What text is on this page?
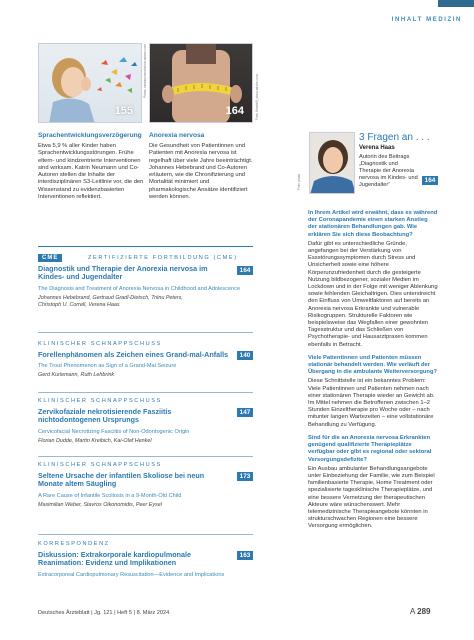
INHALT MEDIZIN
155
Photo: simkaschoen/stock.adobe.com
164	Foto: Mordolff_stock.adobe.com
Sprachentwicklungsverzögerung
Etwa 5,9 % aller Kinder haben Sprachentwicklungsstörungen. Frühe eltern- und kindzentrierte Interventionen sind wirksam. Katrin Neumann und Co-Autoren stellen die Inhalte der interdisziplinären S3-Leitlinie vor, die den Wissenstand zu evidenzbasierten Interventionen reflektiert.
Anorexia nervosa
Die Gesundheit von Patientinnen und Patienten mit Anorexia nervosa ist regelhaft über viele Jahre beeinträchtigt. Johannes Hebebrand und Co-Autoren erläutern, wie die Chronifizierung und Mortalität minimiert und pharmakologische Ansätze identifiziert werden können.
CME	ZERTIFIZIERTE FORTBILDUNG (CME)
Diagnostik und Therapie der Anorexia nervosa im Kindes- und Jugendalter
164
The Diagnosis and Treatment of Anorexia Nervosa in Childhood and Adolescence
Johannes Hebebrand, Gertraud Gradl-Dietsch, Triinu Peters, Christoph U. Correll, Verena Haas
KLINISCHER SCHNAPPSCHUSS
Forellenphänomen als Zeichen eines Grand-mal-Anfalls	140
The Trout Phenomenon as Sign of a Grand-Mal Seizure
Gerd Kurlemann, Ruth Lehbrink
KLINISCHER SCHNAPPSCHUSS
Zervikofaziale nekrotisierende Fasziitis nichtodontogenen Ursprungs
147
Cervicofacial Necrotizing Fasciitis of Non-Odontogenic Origin
Florian Dudde, Martin Kreibich, Kai-Olaf Henkel
KLINISCHER SCHNAPPSCHUSS
Seltene Ursache der infantilen Skoliose bei neun Monate altem Säugling
173
A Rare Cause of Infantile Scoliosis in a 9-Month-Old Child
Maximilian Weber, Stavros Oikonomidis, Peer Eysel
KORRESPONDENZ
Diskussion: Extrakorporale kardiopulmonale Reanimation: Evidenz und Implikationen
163
Extracorporeal Cardiopulmonary Resuscitation—Evidence and Implications
Foto: privat
3 Fragen an . . .
Verena Haas
Autorin des Beitrags „Diagnostik und Therapie der Anorexia nervosa im Kindes- und Jugendalter“
164
In Ihrem Artikel wird erwähnt, dass es während der Coronapandemie einen starken Anstieg der stationären Behandlungen gab. Wie erklären Sie sich diese Beobachtung?
Dafür gibt es unterschiedliche Gründe, angefangen bei der Verstärkung von Essstörungssymptomen durch Stress und Unsicherheit sowie eine höhere Körperunzufriedenheit durch die gesteigerte Nutzung bildbezogener, sozialer Medien im Lockdown und in der Folge mit weniger Ablenkung sowie fehlenden Gleichaltrigen. Dies unterstreicht den Einfluss von Umweltfaktoren auf bereits an Anorexia nervosa Erkrankte und vulnerable Risikogruppen. Strukturelle Faktoren wie beispielsweise das Wegfallen einer gewohnten Tagesstruktur und das Schließen von Psychotherapie- und Hausarztpraxen kommen ebenfalls in Betracht.
Viele Patientinnen und Patienten müssen stationär behandelt werden. Wie verläuft der Übergang in die ambulante Weiterversorgung?
Diese Schnittstelle ist ein bekanntes Problem: Viele Patientinnen und Patienten nehmen nach einer stationären Therapie wieder an Gewicht ab. Im Mittel nehmen die Betroffenen zwischen 1–2 Stunden Einzeltherapie pro Woche oder – nach mitunter langen Wartezeiten – eine vollstationäre Behandlung zu Verfügung.
Sind für die an Anorexia nervosa Erkrankten genügend qualifizierte Therapieplätze verfügbar oder gibt es regional oder sektoral Versorgungsdefizite?
Ein Ausbau ambulanter Behandlungsangebote unter Einbeziehung der Familie, wie zum Beispiel familienbasierte Therapie, Home Treatment oder spezialisierte tagesklinische Therapieplätze, und eine bessere Vernetzung der therapeutischen Akteure wäre wünschenswert. Mehr telemedizinische Therapieangebote könnten in strukturschwachen Regionen eine bessere Versorgung ermöglichen.
Deutsches Ärzteblatt | Jg. 121 | Heft 5 | 8. März 2024	A 289
